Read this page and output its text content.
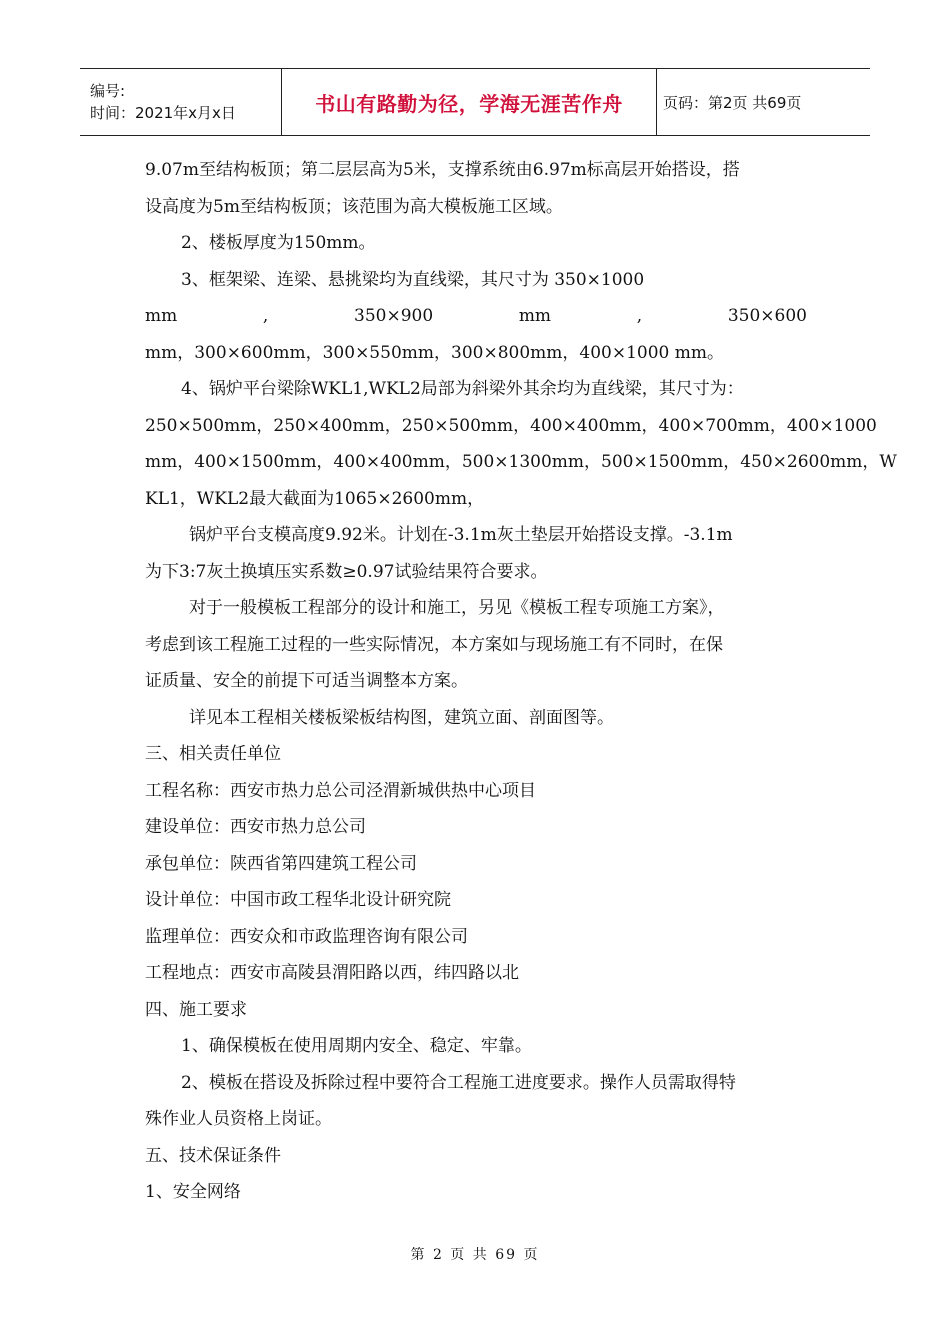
编号:
时间：2021年x月x日	书山有路勤为径，学海无涯苦作舟	页码：第2页 共69页

9.07m至结构板顶；第二层层高为5米，支撑系统由6.97m标高层开始搭设，搭

设高度为5m至结构板顶；该范围为高大模板施工区域。

2、楼板厚度为150mm。

3、框架梁、连梁、悬挑梁均为直线梁，其尺寸为 350×1000

mm	,	350×900	mm	,	350×600

mm，300×600mm，300×550mm，300×800mm，400×1000 mm。

4、锅炉平台梁除WKL1,WKL2局部为斜梁外其余均为直线梁，其尺寸为：

250×500mm，250×400mm，250×500mm，400×400mm，400×700mm，400×1000

mm，400×1500mm，400×400mm，500×1300mm，500×1500mm，450×2600mm，W

KL1，WKL2最大截面为1065×2600mm，

锅炉平台支模高度9.92米。计划在-3.1m灰土垫层开始搭设支撑。-3.1m

为下3:7灰土换填压实系数≥0.97试验结果符合要求。

对于一般模板工程部分的设计和施工，另见《模板工程专项施工方案》，

考虑到该工程施工过程的一些实际情况，本方案如与现场施工有不同时，在保

证质量、安全的前提下可适当调整本方案。

详见本工程相关楼板梁板结构图，建筑立面、剖面图等。

三、相关责任单位

工程名称：西安市热力总公司泾渭新城供热中心项目

建设单位：西安市热力总公司

承包单位：陕西省第四建筑工程公司

设计单位：中国市政工程华北设计研究院

监理单位：西安众和市政监理咨询有限公司

工程地点：西安市高陵县渭阳路以西，纬四路以北

四、施工要求

1、确保模板在使用周期内安全、稳定、牢靠。

2、模板在搭设及拆除过程中要符合工程施工进度要求。操作人员需取得特

殊作业人员资格上岗证。

五、技术保证条件

1、安全网络

第 2 页 共 69 页
